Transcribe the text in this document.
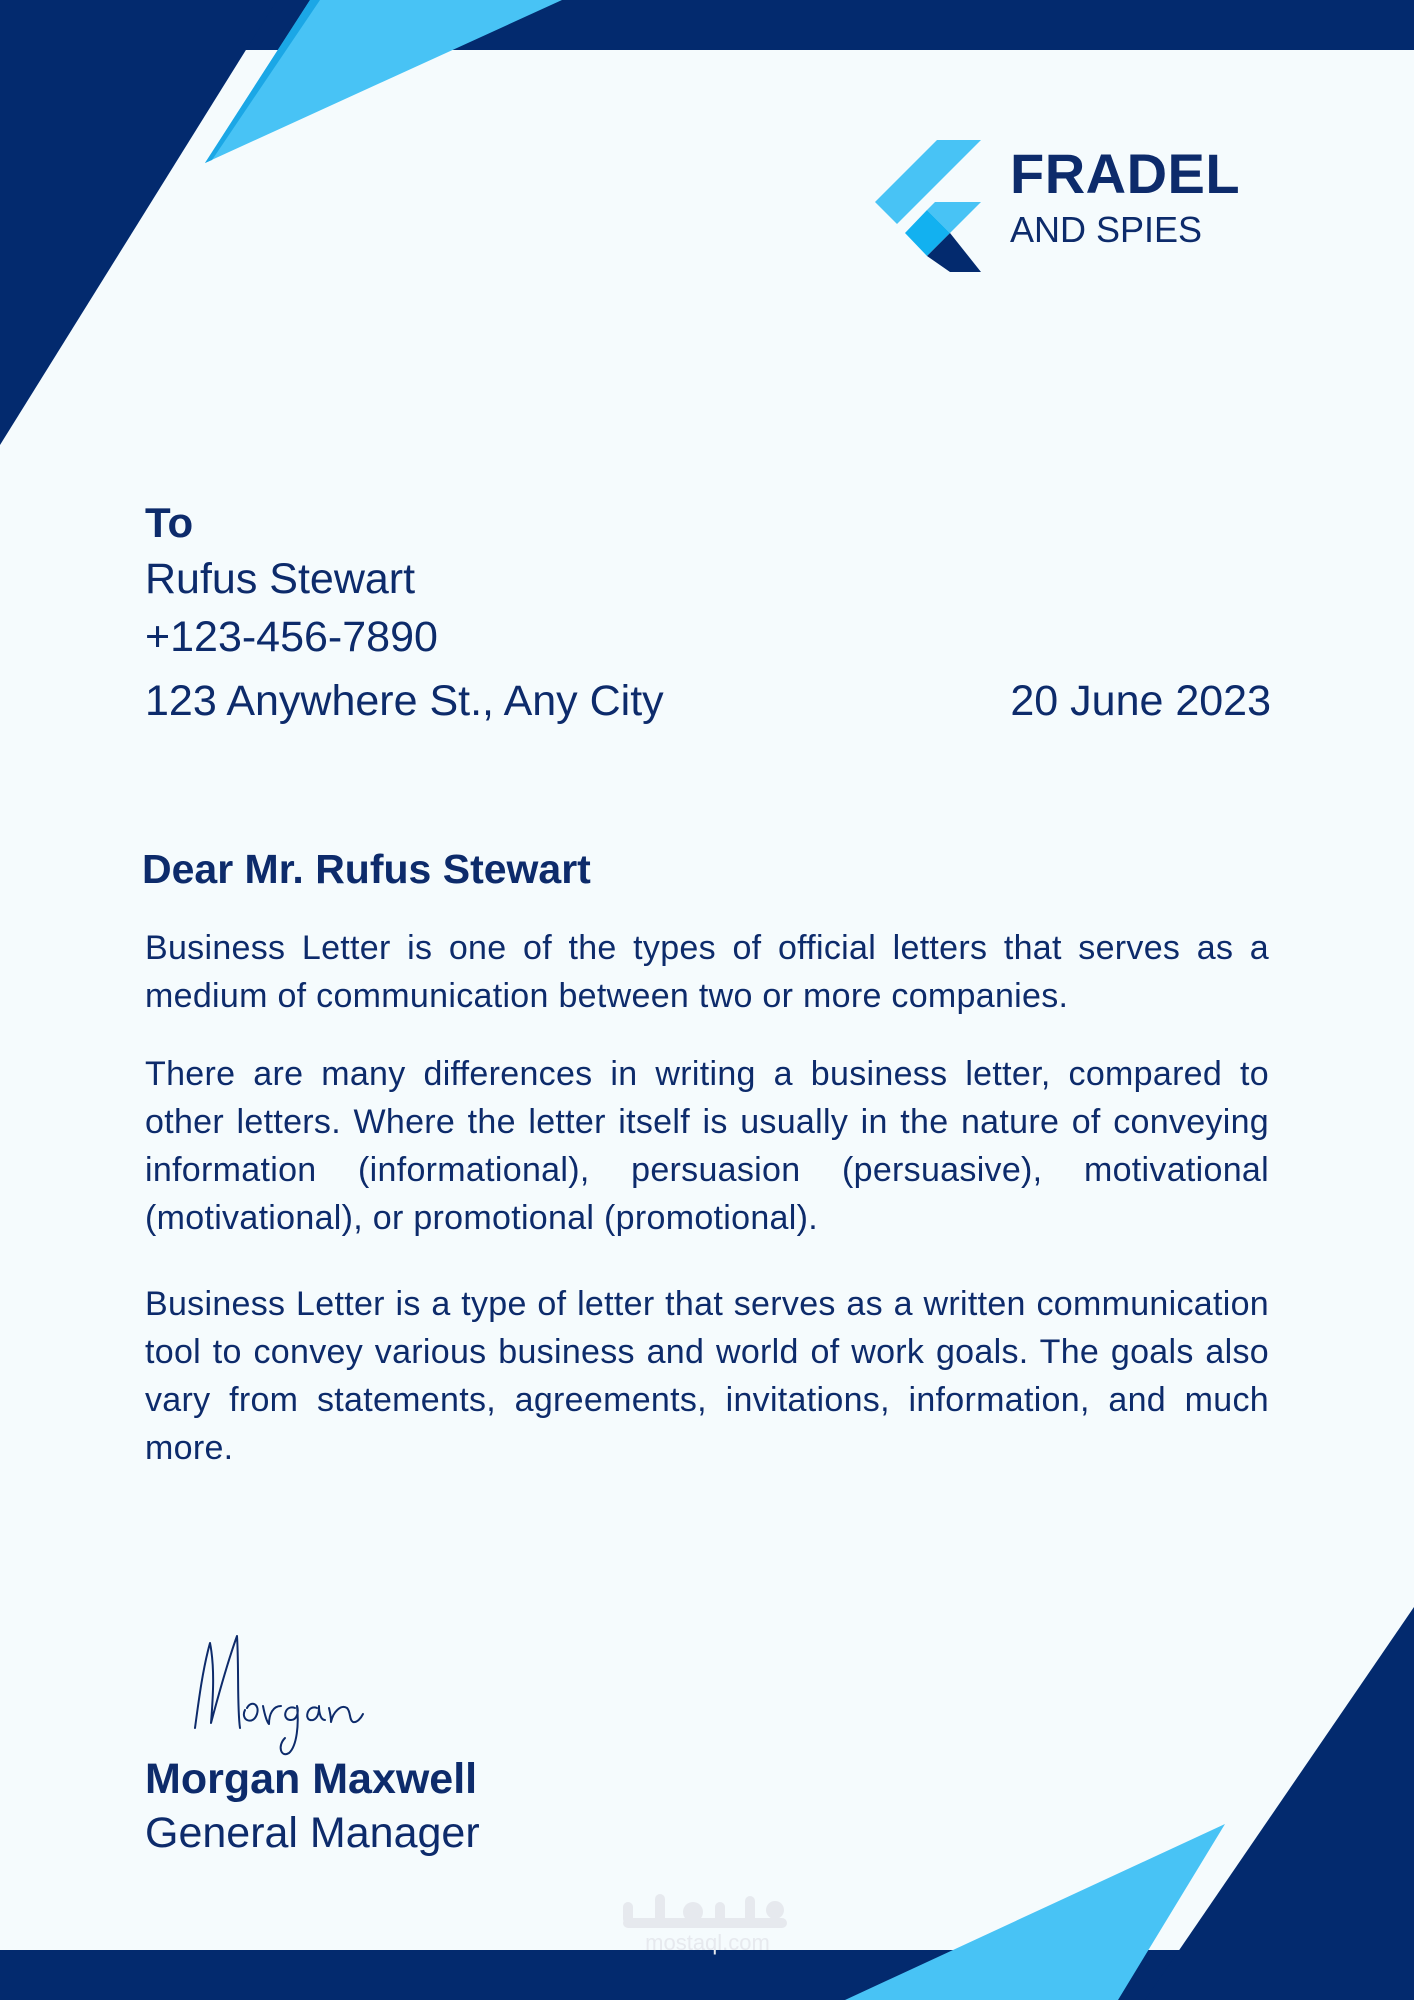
FRADEL
AND SPIES
To
Rufus Stewart
+123-456-7890
123 Anywhere St., Any City	20 June 2023
Dear Mr. Rufus Stewart

Business Letter is one of the types of official letters that serves as a medium of communication between two or more companies.

There are many differences in writing a business letter, compared to other letters. Where the letter itself is usually in the nature of conveying information (informational), persuasion (persuasive), motivational (motivational), or promotional (promotional).

Business Letter is a type of letter that serves as a written communication tool to convey various business and world of work goals. The goals also vary from statements, agreements, invitations, information, and much more.

Morgan Maxwell
General Manager
mostaql.com
